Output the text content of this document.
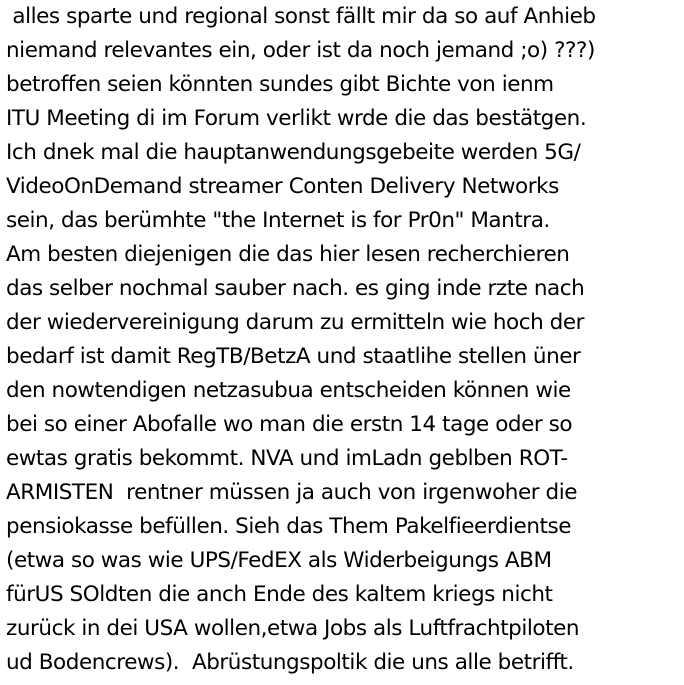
alles sparte und regional sonst fällt mir da so auf Anhieb
niemand relevantes ein, oder ist da noch jemand ;o) ???)
betroffen seien könnten sundes gibt Bichte von ienm
ITU Meeting di im Forum verlikt wrde die das bestätgen.
Ich dnek mal die hauptanwendungsgebeite werden 5G/
VideoOnDemand streamer Conten Delivery Networks
sein, das berümhte "the Internet is for Pr0n" Mantra.
Am besten diejenigen die das hier lesen recherchieren
das selber nochmal sauber nach. es ging inde rzte nach
der wiedervereinigung darum zu ermitteln wie hoch der
bedarf ist damit RegTB/BetzA und staatlihe stellen üner
den nowtendigen netzasubua entscheiden können wie
bei so einer Abofalle wo man die erstn 14 tage oder so
ewtas gratis bekommt. NVA und imLadn geblben ROT-
ARMISTEN  rentner müssen ja auch von irgenwoher die
pensiokasse befüllen. Sieh das Them Pakelfieerdientse
(etwa so was wie UPS/FedEX als Widerbeigungs ABM
fürUS SOldten die anch Ende des kaltem kriegs nicht
zurück in dei USA wollen,etwa Jobs als Luftfrachtpiloten
ud Bodencrews).  Abrüstungspoltik die uns alle betrifft.
